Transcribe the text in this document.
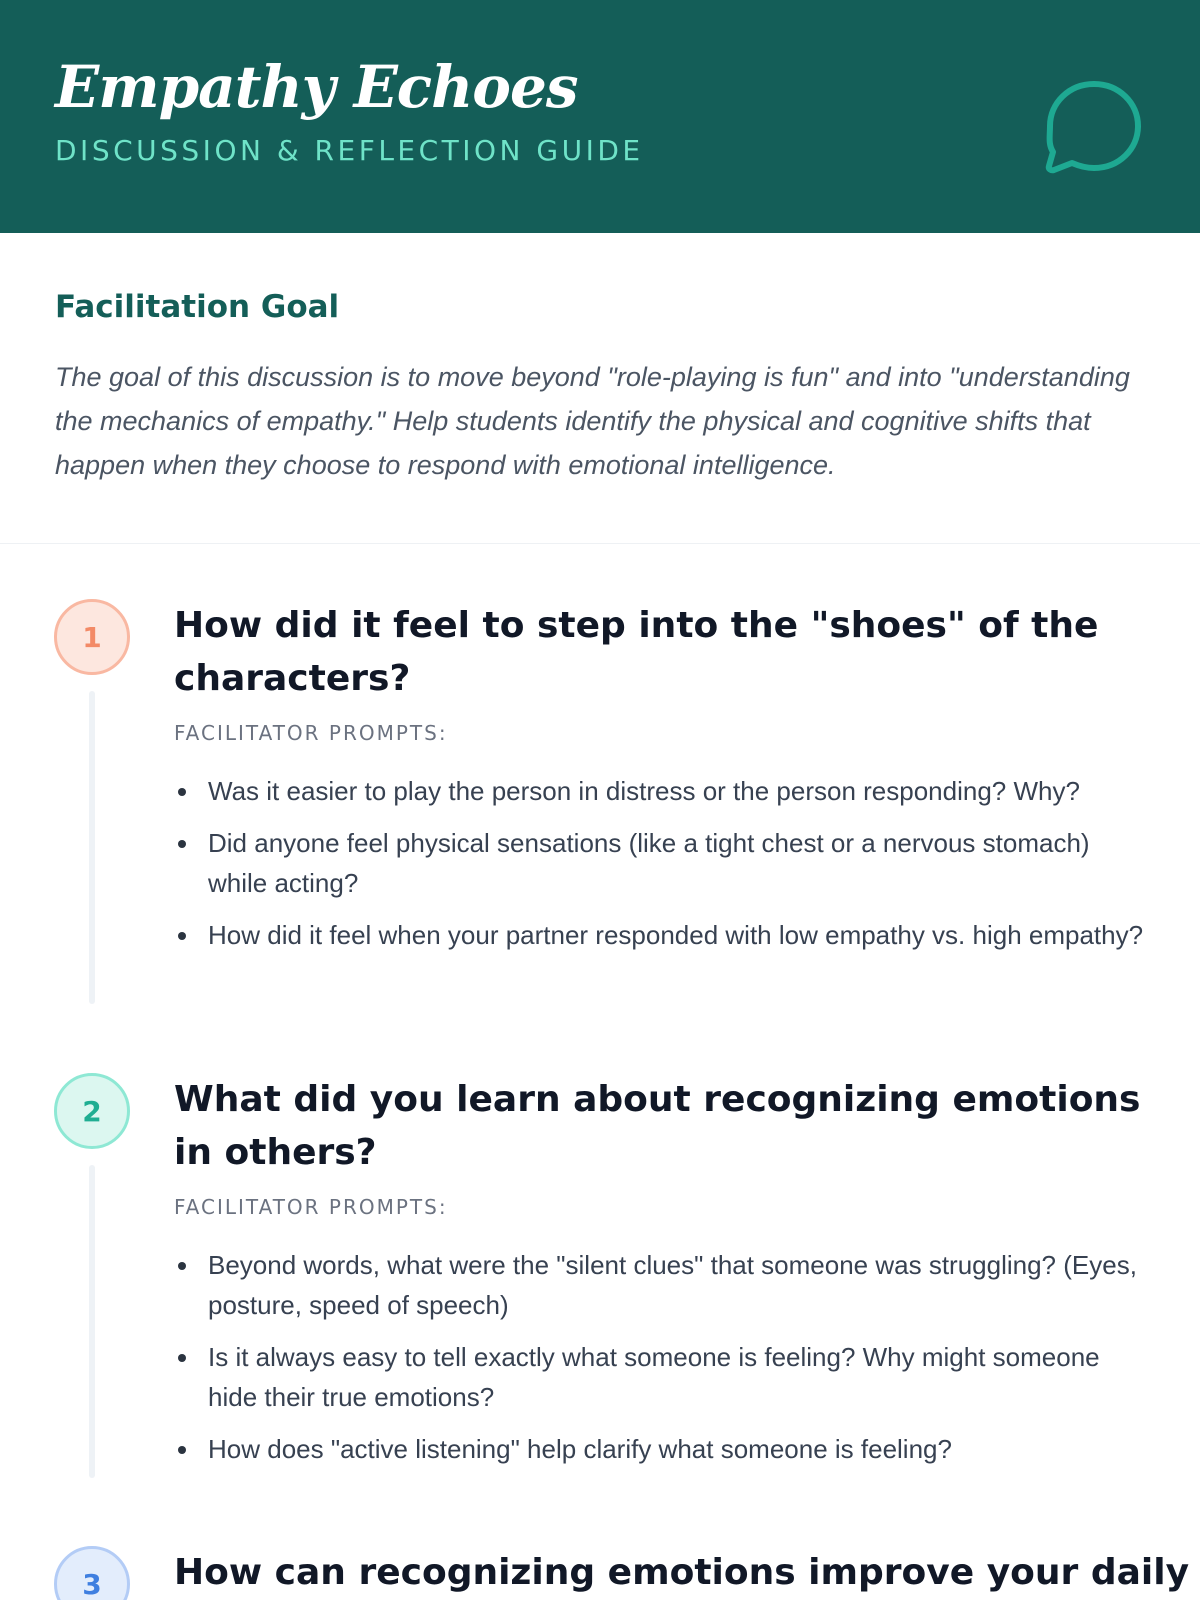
Empathy Echoes
DISCUSSION & REFLECTION GUIDE
Facilitation Goal

The goal of this discussion is to move beyond "role-playing is fun" and into "understanding the mechanics of empathy." Help students identify the physical and cognitive shifts that happen when they choose to respond with emotional intelligence.

1	How did it feel to step into the "shoes" of the characters?
FACILITATOR PROMPTS:
Was it easier to play the person in distress or the person responding? Why?
Did anyone feel physical sensations (like a tight chest or a nervous stomach) while acting?
How did it feel when your partner responded with low empathy vs. high empathy?
2	What did you learn about recognizing emotions in others?
FACILITATOR PROMPTS:
Beyond words, what were the "silent clues" that someone was struggling? (Eyes, posture, speed of speech)
Is it always easy to tell exactly what someone is feeling? Why might someone hide their true emotions?
How does "active listening" help clarify what someone is feeling?
3	How can recognizing emotions improve your daily
